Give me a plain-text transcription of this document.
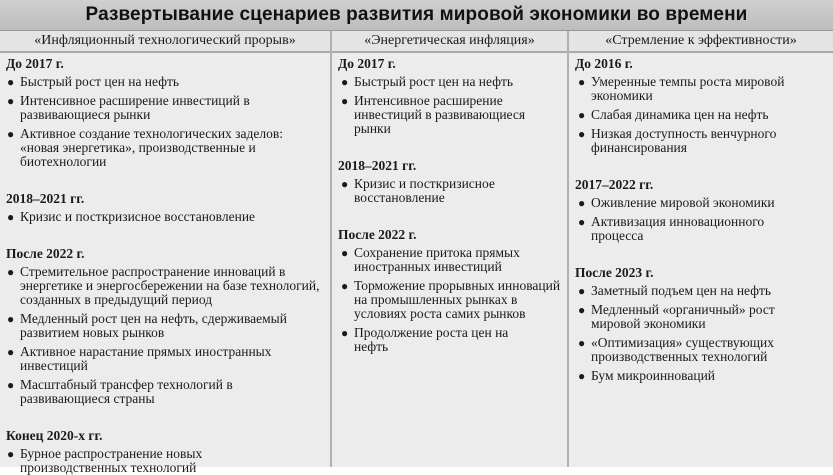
Развертывание сценариев развития мировой экономики во времени
«Инфляционный технологический прорыв»
До 2017 г.
● Быстрый рост цен на нефть
● Интенсивное расширение инвестиций в развивающиеся рынки
● Активное создание технологических заделов: «новая энергетика», производственные и биотехнологии
2018–2021 гг.
● Кризис и посткризисное восстановление
После 2022 г.
● Стремительное распространение инноваций в энергетике и энергосбережении на базе технологий, созданных в предыдущий период
● Медленный рост цен на нефть, сдерживаемый развитием новых рынков
● Активное нарастание прямых иностранных инвестиций
● Масштабный трансфер технологий в развивающиеся страны
Конец 2020-х гг.
● Бурное распространение новых производственных технологий
«Энергетическая инфляция»
До 2017 г.
● Быстрый рост цен на нефть
● Интенсивное расширение инвестиций в развивающиеся рынки
2018–2021 гг.
● Кризис и посткризисное восстановление
После 2022 г.
● Сохранение притока прямых иностранных инвестиций
● Торможение прорывных инноваций на промышленных рынках в условиях роста самих рынков
● Продолжение роста цен на нефть
«Стремление к эффективности»
До 2016 г.
● Умеренные темпы роста мировой экономики
● Слабая динамика цен на нефть
● Низкая доступность венчурного финансирования
2017–2022 гг.
● Оживление мировой экономики
● Активизация инновационного процесса
После 2023 г.
● Заметный подъем цен на нефть
● Медленный «органичный» рост мировой экономики
● «Оптимизация» существующих производственных технологий
● Бум микроинноваций
